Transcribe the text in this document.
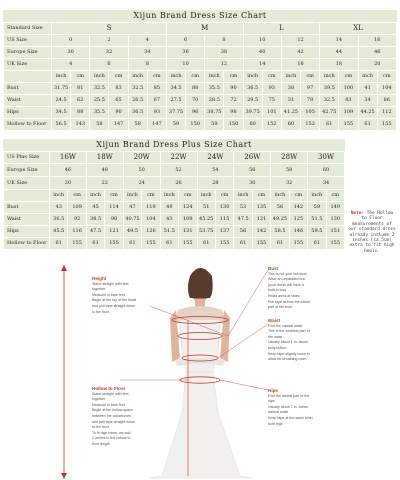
Xijun Brand Dress Size Chart
Standard Size	S						M				L				XL			
US Size	0		2		4		6		8		10		12		14		16	
Europe Size	30		32		34		36		38		40		42		44		46	
UK Size	4		6		8		10		12		14		16		18		20	
	inch	cm	inch	cm	inch	cm	inch	cm	inch	cm	inch	cm	inch	cm	inch	cm	inch	cm
Bust	31.75	81	32.5	83	32.5	85	34.5	88	35.5	90	36.5	93	38	97	39.5	100	41	104
Waist	24.5	62	25.5	65	26.5	67	27.5	70	28.5	72	29.5	75	31	79	32.5	83	34	86
Hips	34.5	88	35.5	90	36.5	93	37.75	96	38.75	98	39.75	101	41.25	105	42.75	109	44.25	112
Hollow to Floor	56.5	143	58	147	58	147	59	150	59	150	60	152	60	152	61	155	61	155
Xijun Brand Dress Plus Size Chart
US Plus Size	16W		18W		20W		22W		24W		26W		28W		30W	
Europe Size	46		48		50		52		54		56		58		60	
UK Size	20		22		24		26		28		30		32		34	
	inch	cm	inch	cm	inch	cm	inch	cm	inch	cm	inch	cm	inch	cm	inch	cm
Bust	43	109	45	114	47	119	49	124	51	130	53	135	56	142	59	149
Waist	36.5	92	38.5	98	40.75	104	43	109	45.25	115	47.5	121	49.25	125	51.5	130
Hips	45.5	116	47.5	121	49.5	126	51.5	131	53.75	137	56	142	58.5	146	59.5	151
Hollow to Floor	61	155	61	155	61	155	61	155	61	155	61	155	61	155	61	155
Note: The Hollow to Floor measurements of our standard dress already include 2 inches (ca.5cm) extra to fit high heels.
Height
Stand straight with feet
together
Measure in bare feet
Begin at the top of the head
and pull tape straight down
to the floor
Hollow to Floor
Stand straight with feet
together
Measure in bare feet
Begin at the hollow space
between the collarbones
and pull tape straight down
to the floor
To fit high heels, we add
2 inches to the hollow to
floor length
Bust
This is not your bra size!
Wear an unpadded bra
(your dress will have a
built-in bra)
Relax arms at sides
Pull tape across the fullest
part of the bust
Waist
Find the natural waist
This is the smallest part of
the waist
Usually about 1 in. above
belly button
Keep tape slightly loose to
allow for breathing room
Hips
Find the widest part of the
hips
Usually about 7 in. below
natural waist
Keep tape at the same level
both legs
